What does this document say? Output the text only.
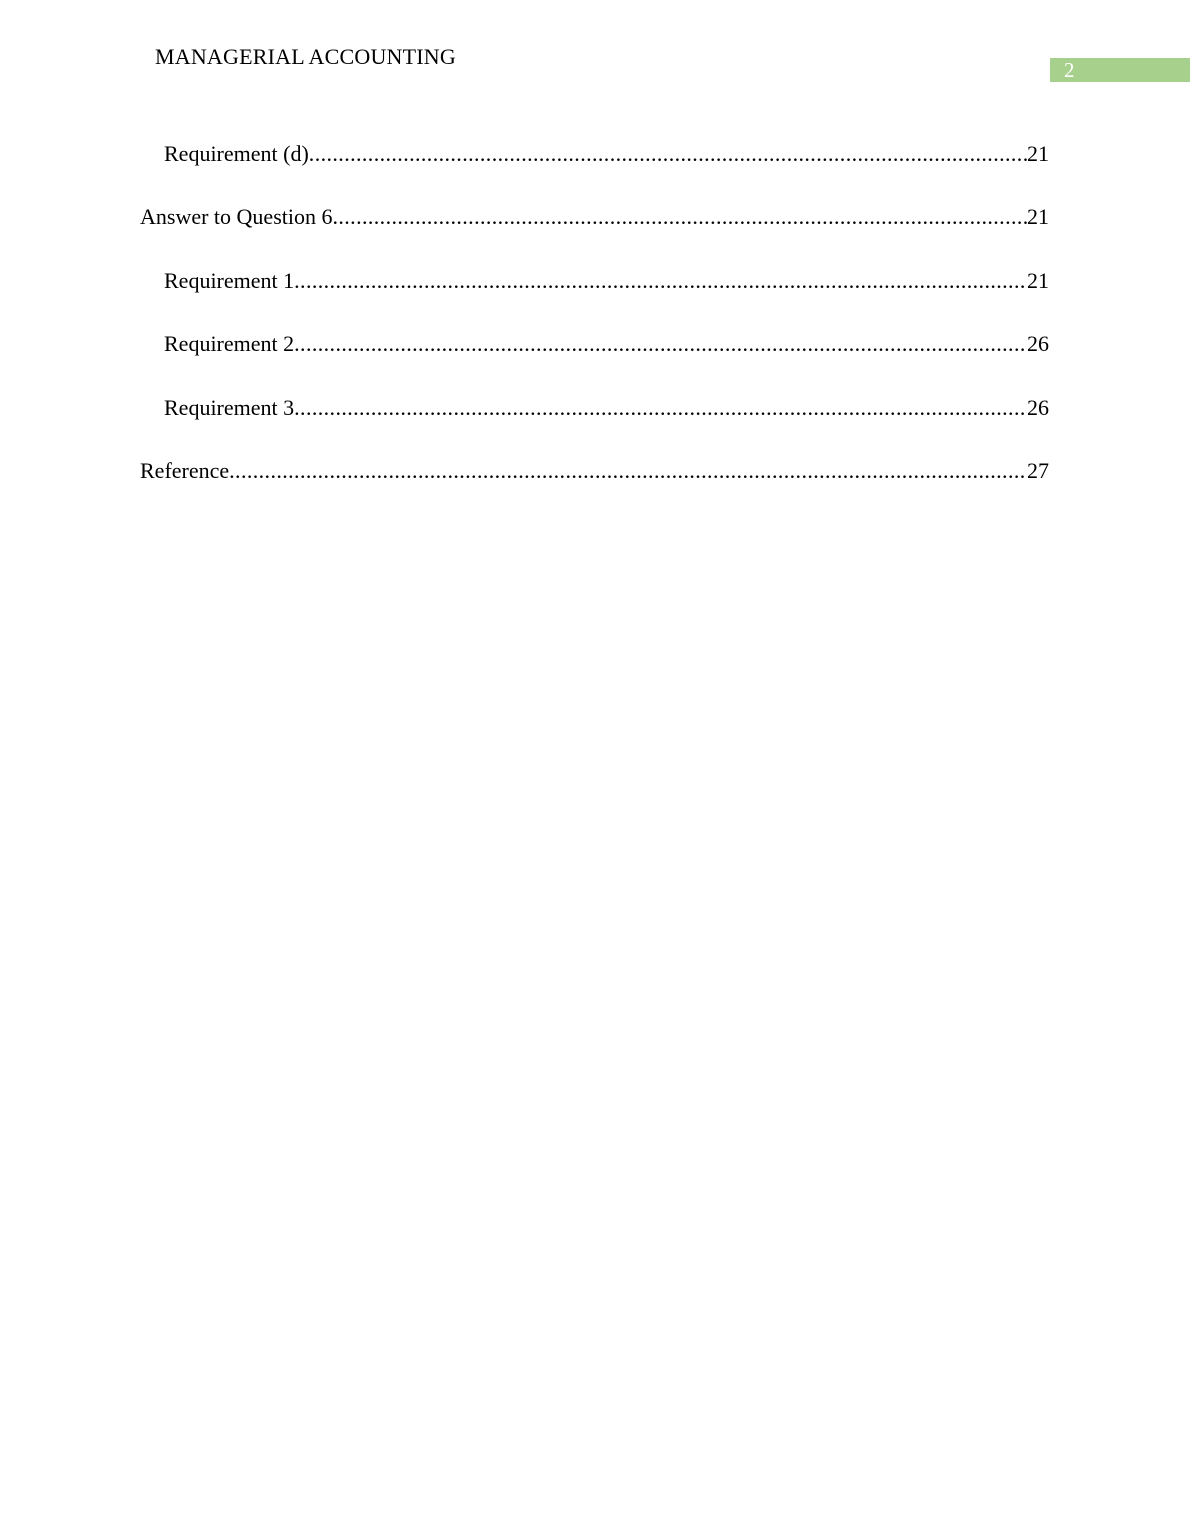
MANAGERIAL ACCOUNTING
2
Requirement (d) .....	21
Answer to Question 6 .....	21
Requirement 1 .....	21
Requirement 2 .....	26
Requirement 3 .....	26
Reference .....	27
